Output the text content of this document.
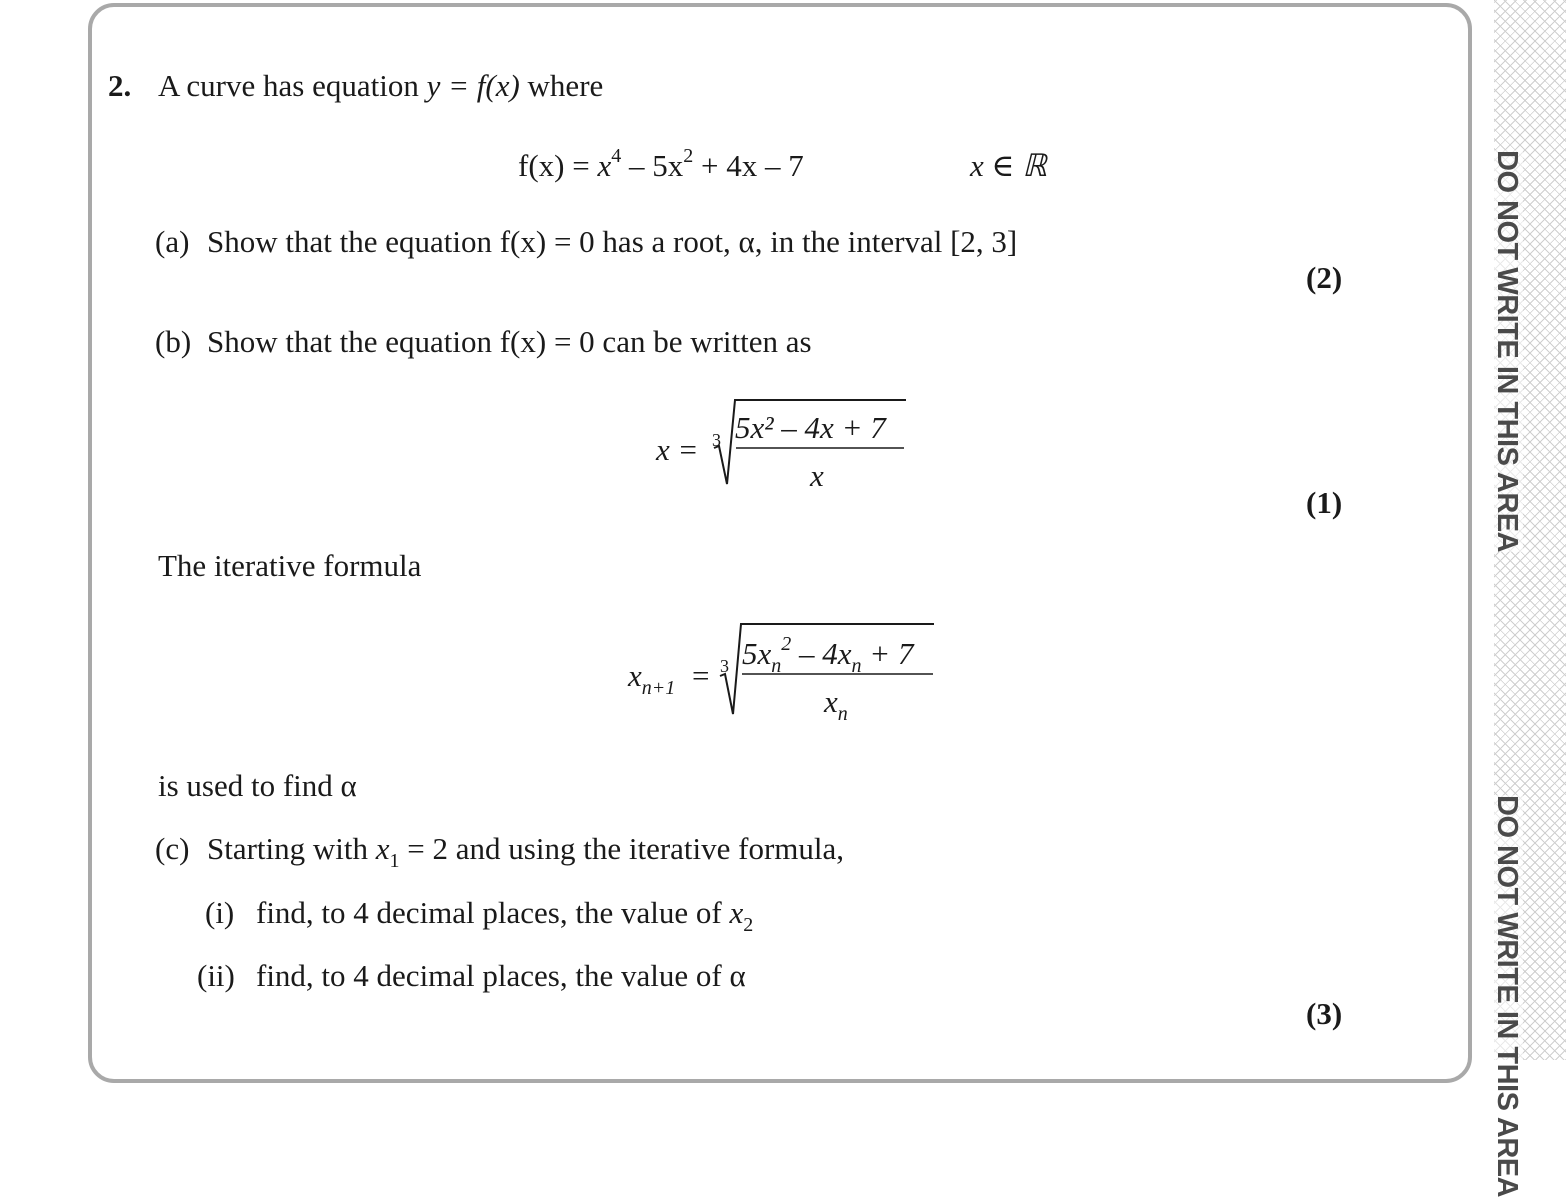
DO NOT WRITE IN THIS AREA
DO NOT WRITE IN THIS AREA
2. A curve has equation y = f(x) where
$f(x) = x^4 - 5x^2 + 4x - 7$	x ∈ ℝ
(a) Show that the equation f(x) = 0 has a root, α, in the interval [2, 3]
(2)
(b) Show that the equation f(x) = 0 can be written as
x = 3 5x² – 4x + 7
x
(1)
The iterative formula
$x_{n+1} = 3$ $5x_n^2 - 4x_n + 7$
$x_n$
is used to find α
(c) Starting with $x_1 = 2$ and using the iterative formula,
(i) find, to 4 decimal places, the value of $x_2$
(ii) find, to 4 decimal places, the value of α
(3)
